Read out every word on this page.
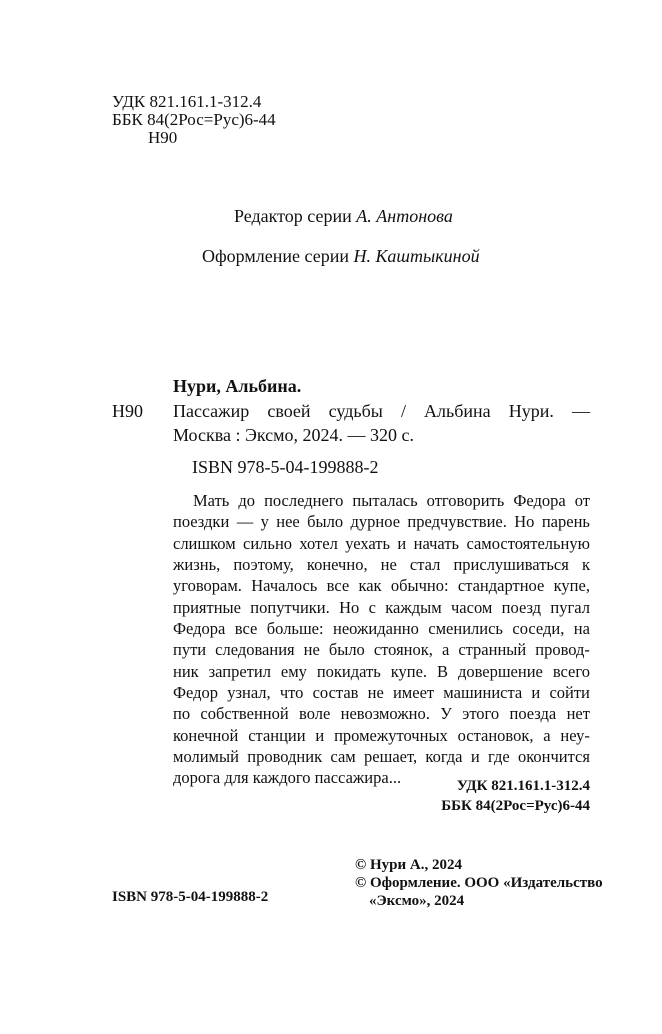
УДК 821.161.1-312.4
ББК 84(2Рос=Рус)6-44
Н90
Редактор серии А. Антонова
Оформление серии Н. Каштыкиной
Нури, Альбина.
Н90 Пассажир своей судьбы / Альбина Нури. —
Москва : Эксмо, 2024. — 320 с.
ISBN 978-5-04-199888-2
Мать до последнего пыталась отговорить Федора от
поездки — у нее было дурное предчувствие. Но парень
слишком сильно хотел уехать и начать самостоятельную
жизнь, поэтому, конечно, не стал прислушиваться к
уговорам. Началось все как обычно: стандартное купе,
приятные попутчики. Но с каждым часом поезд пугал
Федора все больше: неожиданно сменились соседи, на
пути следования не было стоянок, а странный провод-
ник запретил ему покидать купе. В довершение всего
Федор узнал, что состав не имеет машиниста и сойти
по собственной воле невозможно. У этого поезда нет
конечной станции и промежуточных остановок, а неу-
молимый проводник сам решает, когда и где окончится
дорога для каждого пассажира...	УДК 821.161.1-312.4
ББК 84(2Рос=Рус)6-44
ISBN 978-5-04-199888-2
© Нури А., 2024
© Оформление. ООО «Издательство
«Эксмо», 2024
